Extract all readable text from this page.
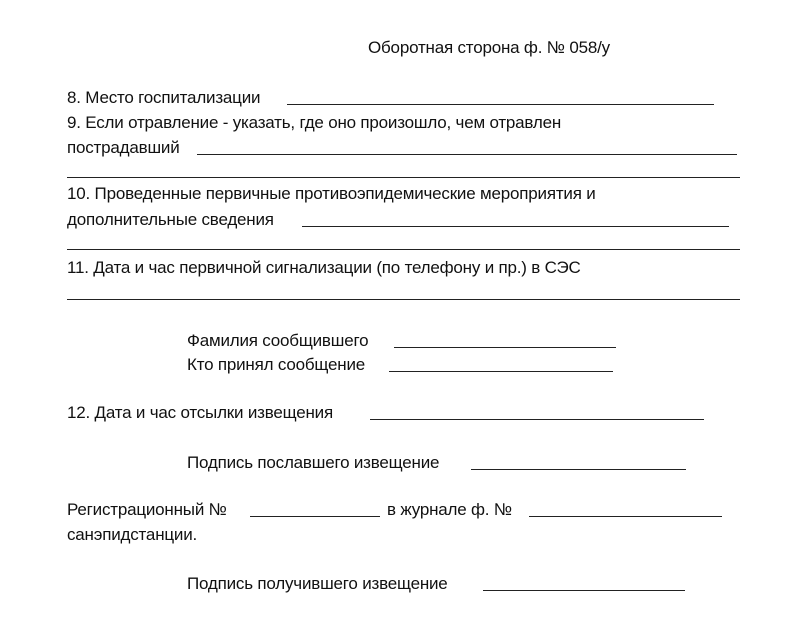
Оборотная сторона ф. № 058/у
8. Место госпитализации
9. Если отравление - указать, где оно произошло, чем отравлен
пострадавший
10. Проведенные первичные противоэпидемические мероприятия и
дополнительные сведения
11. Дата и час первичной сигнализации (по телефону и пр.) в СЭС
Фамилия сообщившего
Кто принял сообщение
12. Дата и час отсылки извещения
Подпись пославшего извещение
Регистрационный №	в журнале ф. №
санэпидстанции.
Подпись получившего извещение
